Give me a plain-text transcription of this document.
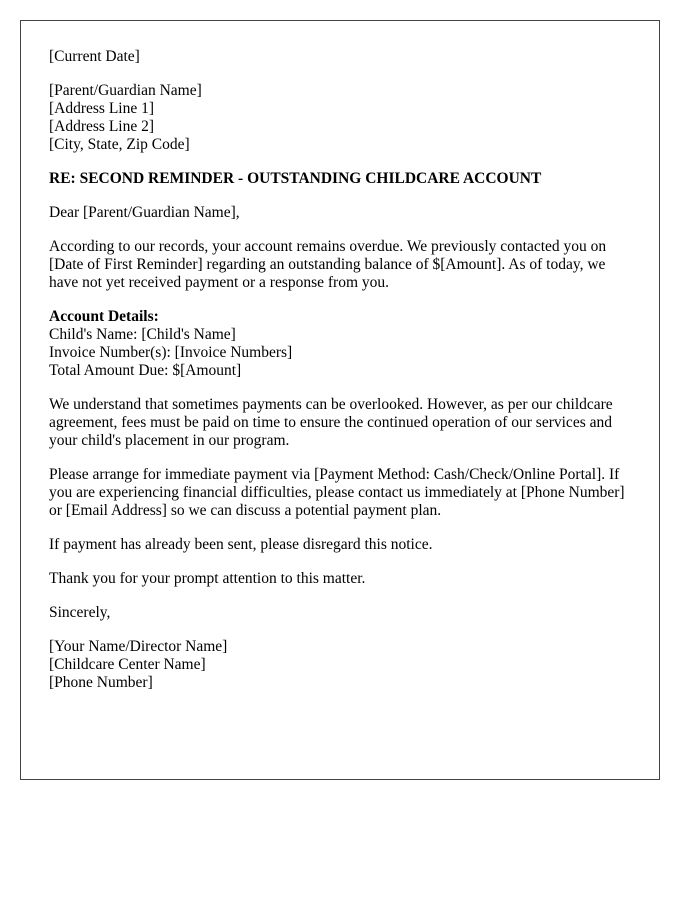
[Current Date]
[Parent/Guardian Name]
[Address Line 1]
[Address Line 2]
[City, State, Zip Code]

RE: SECOND REMINDER - OUTSTANDING CHILDCARE ACCOUNT

Dear [Parent/Guardian Name],

According to our records, your account remains overdue. We previously contacted you on [Date of First Reminder] regarding an outstanding balance of $[Amount]. As of today, we have not yet received payment or a response from you.

Account Details:
Child's Name: [Child's Name]
Invoice Number(s): [Invoice Numbers]
Total Amount Due: $[Amount]

We understand that sometimes payments can be overlooked. However, as per our childcare agreement, fees must be paid on time to ensure the continued operation of our services and your child's placement in our program.

Please arrange for immediate payment via [Payment Method: Cash/Check/Online Portal]. If you are experiencing financial difficulties, please contact us immediately at [Phone Number] or [Email Address] so we can discuss a potential payment plan.

If payment has already been sent, please disregard this notice.

Thank you for your prompt attention to this matter.

Sincerely,

[Your Name/Director Name]
[Childcare Center Name]
[Phone Number]
